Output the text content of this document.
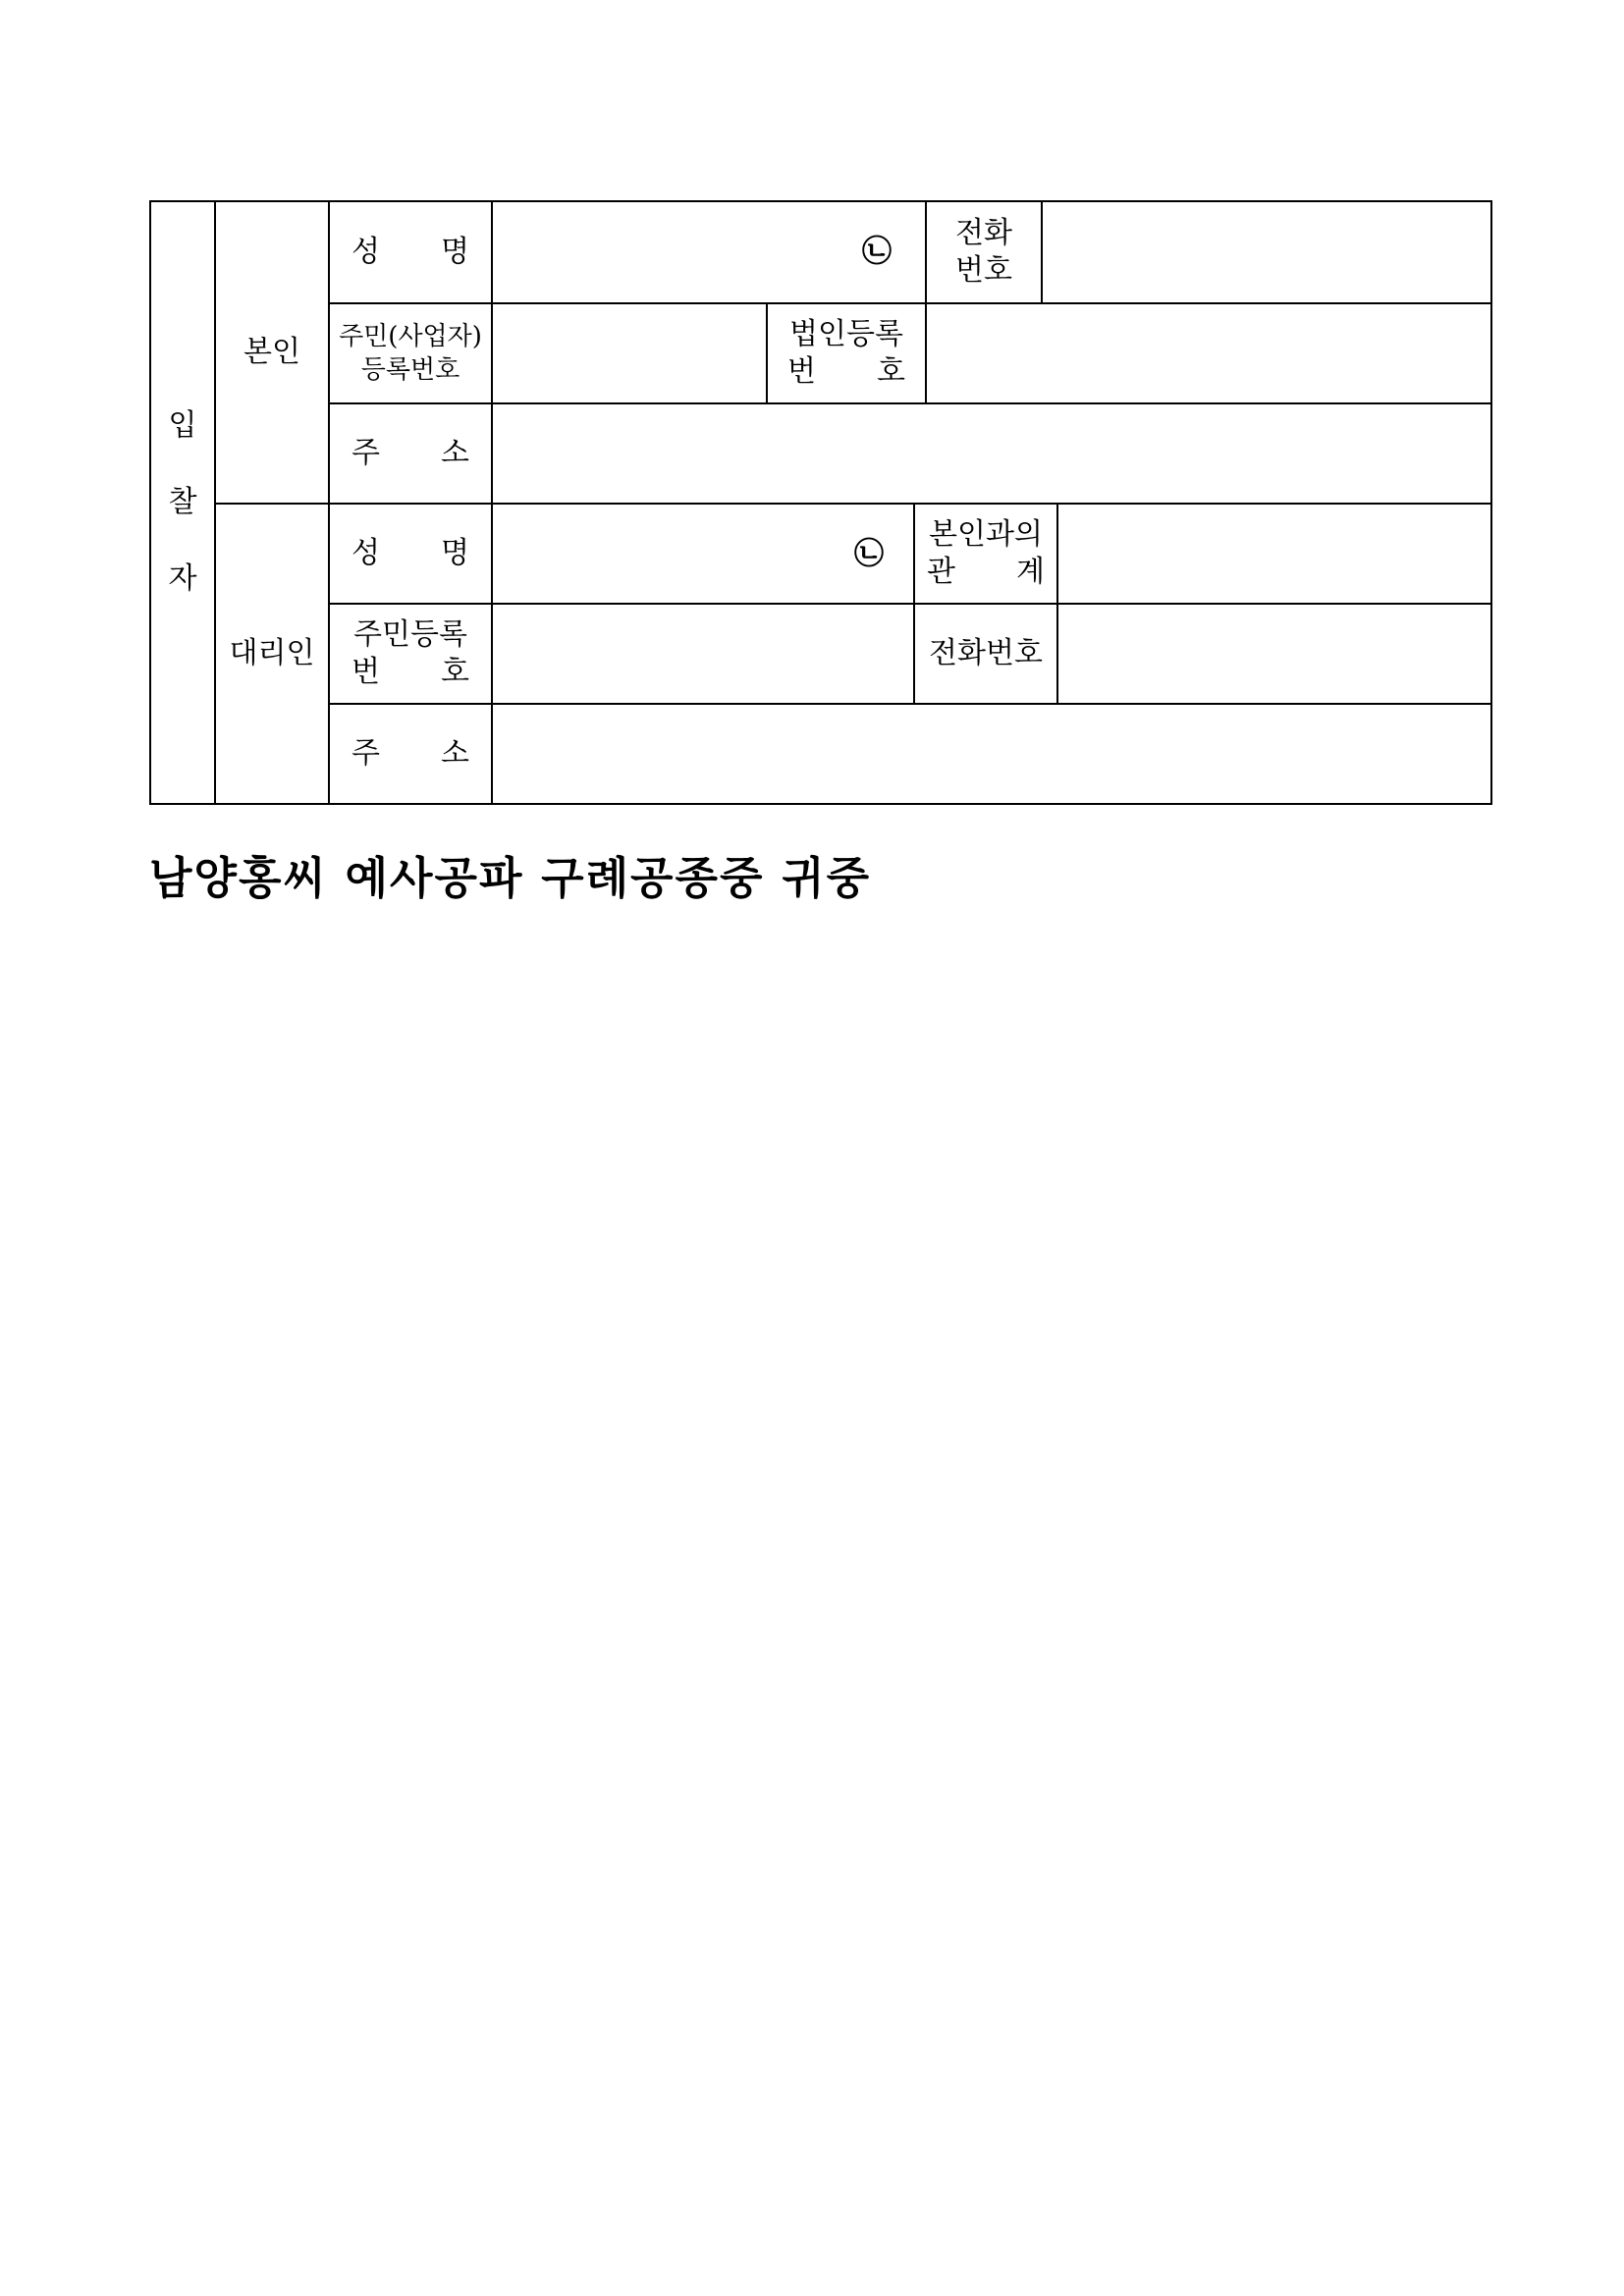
입
찰
자
본인
성 명	㉡
전화
번호
주민(사업자)
등록번호
법인등록
번 호
주 소
대리인
성 명	㉡
본인과의
관 계
주민등록
번 호
전화번호
주 소
남양홍씨 예사공파 구례공종중 귀중
